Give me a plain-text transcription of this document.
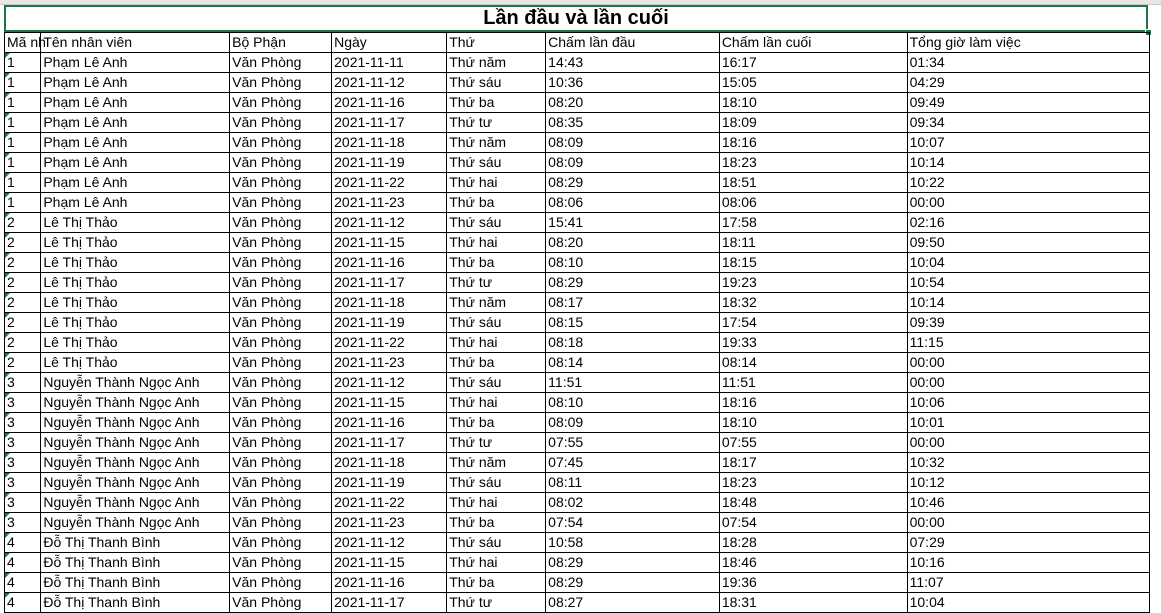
Lần đầu và lần cuối
Mã nh	Tên nhân viên	Bộ Phận	Ngày	Thứ	Chấm lần đầu	Chấm lần cuối	Tổng giờ làm việc

1	Phạm Lê Anh	Văn Phòng	2021-11-11	Thứ năm	14:43	16:17	01:34

1	Phạm Lê Anh	Văn Phòng	2021-11-12	Thứ sáu	10:36	15:05	04:29

1	Phạm Lê Anh	Văn Phòng	2021-11-16	Thứ ba	08:20	18:10	09:49

1	Phạm Lê Anh	Văn Phòng	2021-11-17	Thứ tư	08:35	18:09	09:34

1	Phạm Lê Anh	Văn Phòng	2021-11-18	Thứ năm	08:09	18:16	10:07

1	Phạm Lê Anh	Văn Phòng	2021-11-19	Thứ sáu	08:09	18:23	10:14

1	Phạm Lê Anh	Văn Phòng	2021-11-22	Thứ hai	08:29	18:51	10:22

1	Phạm Lê Anh	Văn Phòng	2021-11-23	Thứ ba	08:06	08:06	00:00

2	Lê Thị Thảo	Văn Phòng	2021-11-12	Thứ sáu	15:41	17:58	02:16

2	Lê Thị Thảo	Văn Phòng	2021-11-15	Thứ hai	08:20	18:11	09:50

2	Lê Thị Thảo	Văn Phòng	2021-11-16	Thứ ba	08:10	18:15	10:04

2	Lê Thị Thảo	Văn Phòng	2021-11-17	Thứ tư	08:29	19:23	10:54

2	Lê Thị Thảo	Văn Phòng	2021-11-18	Thứ năm	08:17	18:32	10:14

2	Lê Thị Thảo	Văn Phòng	2021-11-19	Thứ sáu	08:15	17:54	09:39

2	Lê Thị Thảo	Văn Phòng	2021-11-22	Thứ hai	08:18	19:33	11:15

2	Lê Thị Thảo	Văn Phòng	2021-11-23	Thứ ba	08:14	08:14	00:00

3	Nguyễn Thành Ngọc Anh	Văn Phòng	2021-11-12	Thứ sáu	11:51	11:51	00:00

3	Nguyễn Thành Ngọc Anh	Văn Phòng	2021-11-15	Thứ hai	08:10	18:16	10:06

3	Nguyễn Thành Ngọc Anh	Văn Phòng	2021-11-16	Thứ ba	08:09	18:10	10:01

3	Nguyễn Thành Ngọc Anh	Văn Phòng	2021-11-17	Thứ tư	07:55	07:55	00:00

3	Nguyễn Thành Ngọc Anh	Văn Phòng	2021-11-18	Thứ năm	07:45	18:17	10:32

3	Nguyễn Thành Ngọc Anh	Văn Phòng	2021-11-19	Thứ sáu	08:11	18:23	10:12

3	Nguyễn Thành Ngọc Anh	Văn Phòng	2021-11-22	Thứ hai	08:02	18:48	10:46

3	Nguyễn Thành Ngọc Anh	Văn Phòng	2021-11-23	Thứ ba	07:54	07:54	00:00

4	Đỗ Thị Thanh Bình	Văn Phòng	2021-11-12	Thứ sáu	10:58	18:28	07:29

4	Đỗ Thị Thanh Bình	Văn Phòng	2021-11-15	Thứ hai	08:29	18:46	10:16

4	Đỗ Thị Thanh Bình	Văn Phòng	2021-11-16	Thứ ba	08:29	19:36	11:07

4	Đỗ Thị Thanh Bình	Văn Phòng	2021-11-17	Thứ tư	08:27	18:31	10:04
